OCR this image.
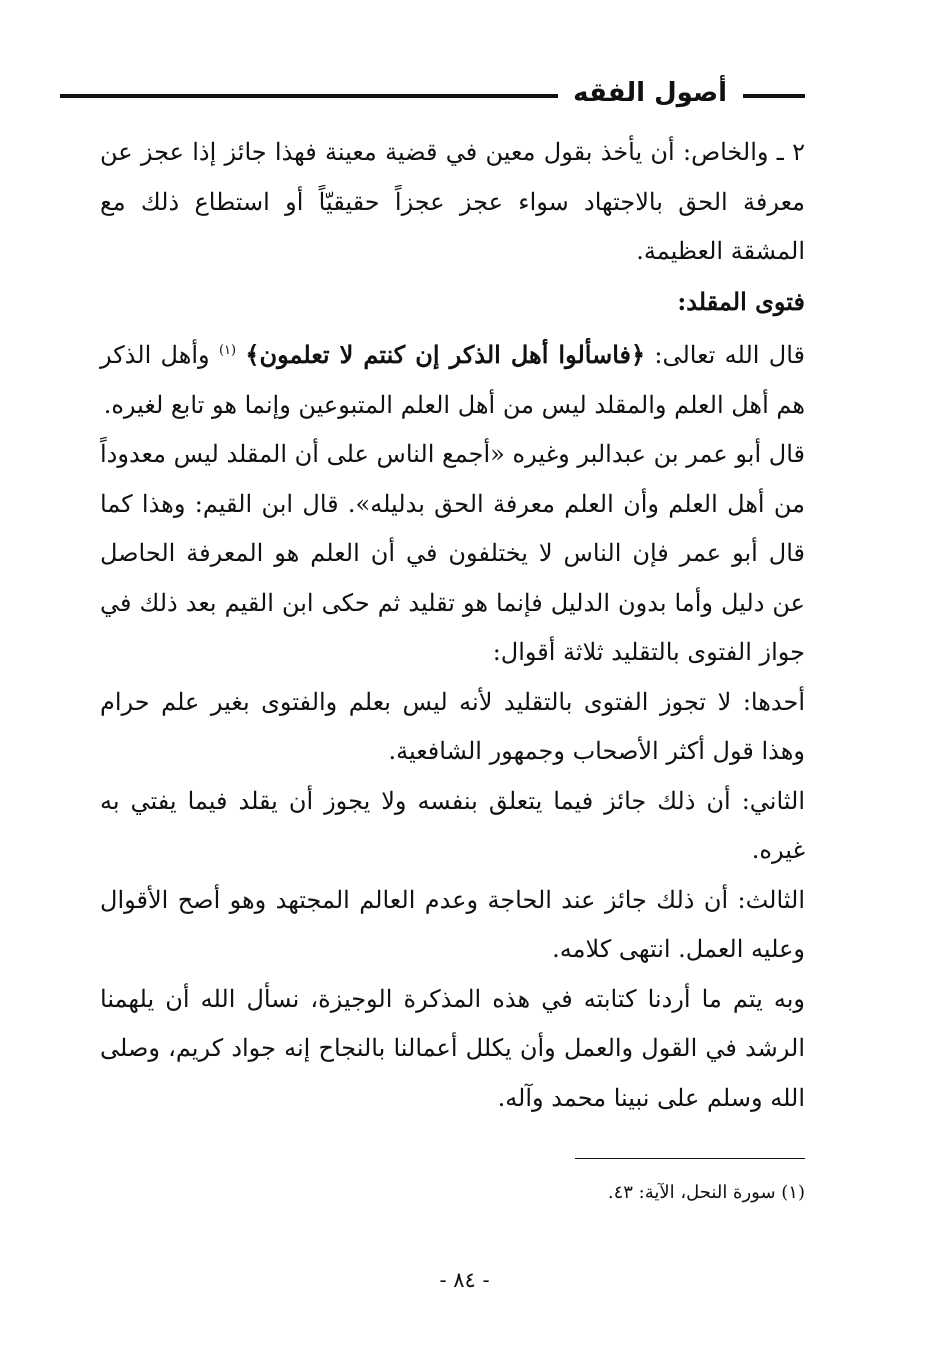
أصول الفقه

٢ ـ والخاص: أن يأخذ بقول معين في قضية معينة فهذا جائز إذا عجز عن معرفة الحق بالاجتهاد سواء عجز عجزاً حقيقيّاً أو استطاع ذلك مع المشقة العظيمة.

فتوى المقلد:

قال الله تعالى: ﴿فاسألوا أهل الذكر إن كنتم لا تعلمون﴾ $^{(١)}$ وأهل الذكر هم أهل العلم والمقلد ليس من أهل العلم المتبوعين وإنما هو تابع لغيره.

قال أبو عمر بن عبدالبر وغيره «أجمع الناس على أن المقلد ليس معدوداً من أهل العلم وأن العلم معرفة الحق بدليله». قال ابن القيم: وهذا كما قال أبو عمر فإن الناس لا يختلفون في أن العلم هو المعرفة الحاصل عن دليل وأما بدون الدليل فإنما هو تقليد ثم حكى ابن القيم بعد ذلك في جواز الفتوى بالتقليد ثلاثة أقوال:

أحدها: لا تجوز الفتوى بالتقليد لأنه ليس بعلم والفتوى بغير علم حرام وهذا قول أكثر الأصحاب وجمهور الشافعية.

الثاني: أن ذلك جائز فيما يتعلق بنفسه ولا يجوز أن يقلد فيما يفتي به غيره.

الثالث: أن ذلك جائز عند الحاجة وعدم العالم المجتهد وهو أصح الأقوال وعليه العمل. انتهى كلامه.

وبه يتم ما أردنا كتابته في هذه المذكرة الوجيزة، نسأل الله أن يلهمنا الرشد في القول والعمل وأن يكلل أعمالنا بالنجاح إنه جواد كريم، وصلى الله وسلم على نبينا محمد وآله.

(١) سورة النحل، الآية: ٤٣.

- ٨٤ -
